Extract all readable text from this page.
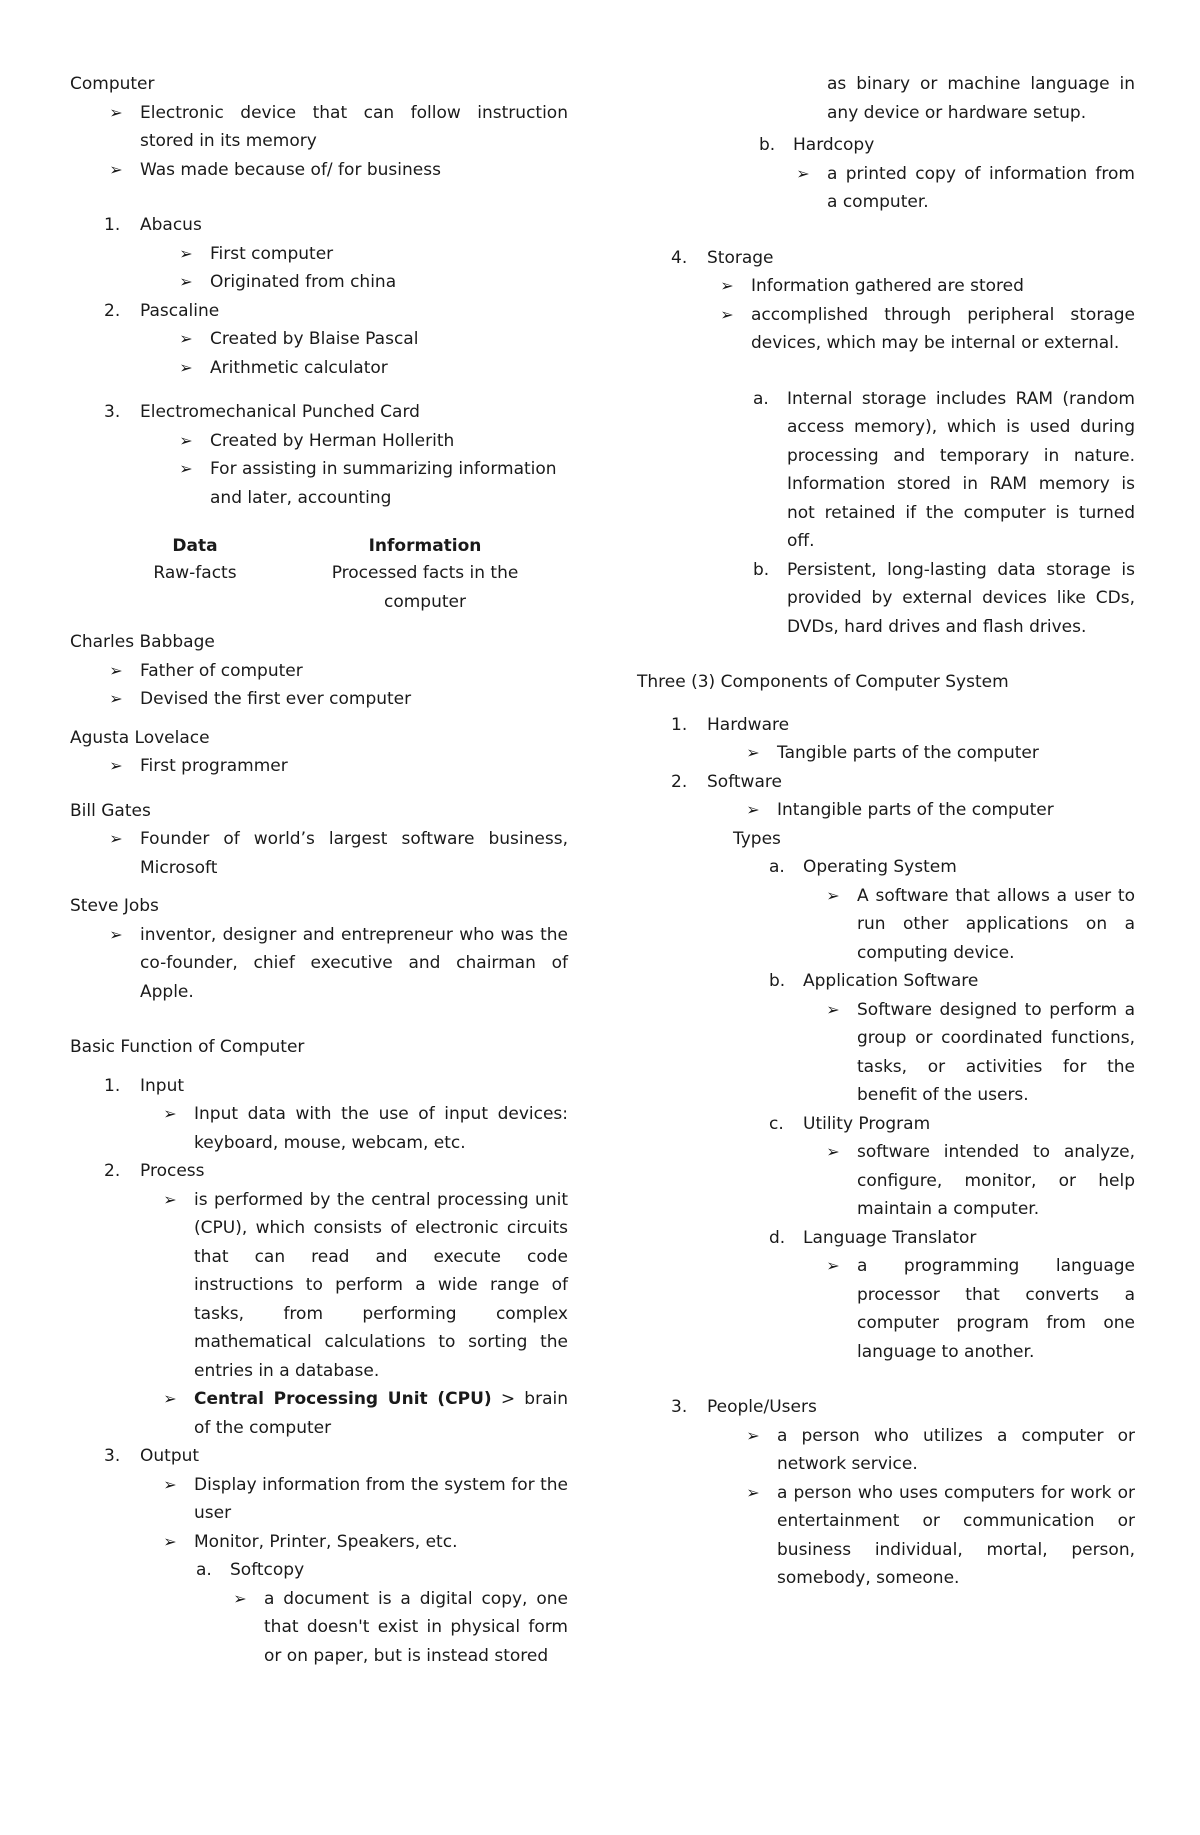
Computer

➢ Electronic device that can follow instruction stored in its memory

➢ Was made because of/ for business

1.	Abacus

➢ First computer

➢ Originated from china

2.	Pascaline

➢ Created by Blaise Pascal

➢ Arithmetic calculator

3.	Electromechanical Punched Card

➢ Created by Herman Hollerith

➢ For assisting in summarizing information and later, accounting

Data	Information
Raw-facts	Processed facts in the computer

Charles Babbage

➢ Father of computer

➢ Devised the first ever computer

Agusta Lovelace

➢ First programmer

Bill Gates

➢ Founder of world’s largest software business, Microsoft

Steve Jobs

➢ inventor, designer and entrepreneur who was the co-founder, chief executive and chairman of Apple.

Basic Function of Computer

1.	Input

➢ Input data with the use of input devices: keyboard, mouse, webcam, etc.

2.	Process

➢ is performed by the central processing unit (CPU), which consists of electronic circuits that can read and execute code instructions to perform a wide range of tasks, from performing complex mathematical calculations to sorting the entries in a database.

➢ Central Processing Unit (CPU) > brain of the computer

3.	Output

➢ Display information from the system for the user

➢ Monitor, Printer, Speakers, etc.

a.	Softcopy

➢ a document is a digital copy, one that doesn't exist in physical form or on paper, but is instead stored

as binary or machine language in any device or hardware setup.

b.	Hardcopy

➢ a printed copy of information from a computer.

4.	Storage

➢ Information gathered are stored

➢ accomplished through peripheral storage devices, which may be internal or external.

a.	Internal storage includes RAM (random access memory), which is used during processing and temporary in nature. Information stored in RAM memory is not retained if the computer is turned off.

b.	Persistent, long-lasting data storage is provided by external devices like CDs, DVDs, hard drives and flash drives.

Three (3) Components of Computer System

1.	Hardware

➢ Tangible parts of the computer

2.	Software

➢ Intangible parts of the computer

Types

a.	Operating System

➢ A software that allows a user to run other applications on a computing device.

b.	Application Software

➢ Software designed to perform a group or coordinated functions, tasks, or activities for the benefit of the users.

c.	Utility Program

➢ software intended to analyze, configure, monitor, or help maintain a computer.

d.	Language Translator

➢ a programming language processor that converts a computer program from one language to another.

3.	People/Users

➢ a person who utilizes a computer or network service.

➢ a person who uses computers for work or entertainment or communication or business individual, mortal, person, somebody, someone.
